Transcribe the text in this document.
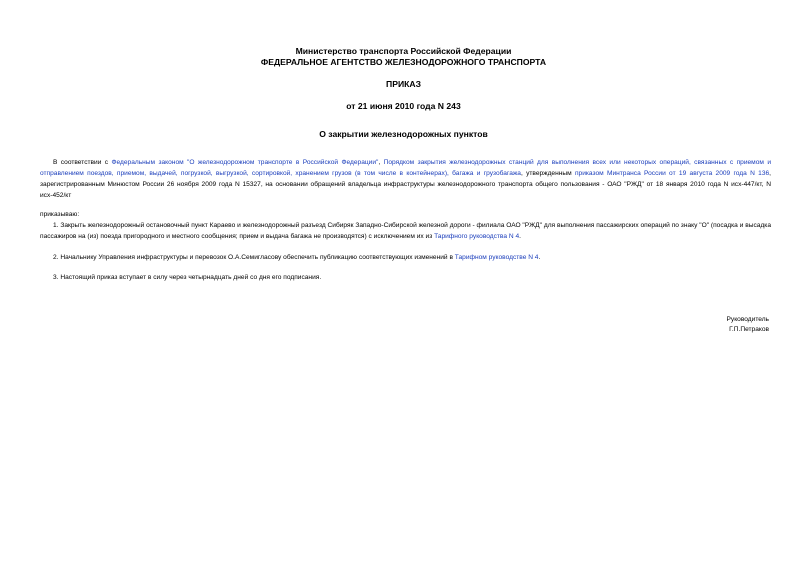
Министерство транспорта Российской Федерации
ФЕДЕРАЛЬНОЕ АГЕНТСТВО ЖЕЛЕЗНОДОРОЖНОГО ТРАНСПОРТА
ПРИКАЗ
от 21 июня 2010 года N 243
О закрытии железнодорожных пунктов
В соответствии с Федеральным законом "О железнодорожном транспорте в Российской Федерации", Порядком закрытия железнодорожных станций для выполнения всех или некоторых операций, связанных с приемом и отправлением поездов, приемом, выдачей, погрузкой, выгрузкой, сортировкой, хранением грузов (в том числе в контейнерах), багажа и грузобагажа, утвержденным приказом Минтранса России от 19 августа 2009 года N 136, зарегистрированным Минюстом России 26 ноября 2009 года N 15327, на основании обращений владельца инфраструктуры железнодорожного транспорта общего пользования - ОАО "РЖД" от 18 января 2010 года N исх-447/кт, N исх-452/кт
приказываю:
1. Закрыть железнодорожный остановочный пункт Караево и железнодорожный разъезд Сибиряк Западно-Сибирской железной дороги - филиала ОАО "РЖД" для выполнения пассажирских операций по знаку "О" (посадка и высадка пассажиров на (из) поезда пригородного и местного сообщения; прием и выдача багажа не производятся) с исключением их из Тарифного руководства N 4.
2. Начальнику Управления инфраструктуры и перевозок О.А.Семигласову обеспечить публикацию соответствующих изменений в Тарифном руководстве N 4.
3. Настоящий приказ вступает в силу через четырнадцать дней со дня его подписания.
Руководитель
Г.П.Петраков
